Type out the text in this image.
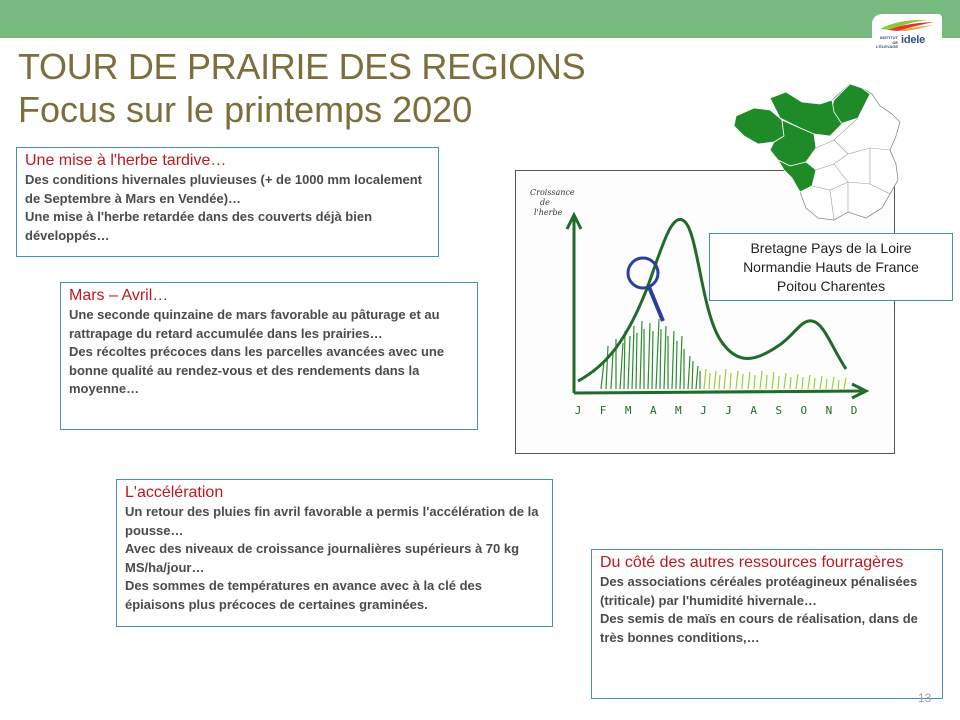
INSTITUT DE L'ÉLEVAGE
idele
TOUR DE PRAIRIE DES REGIONS
Focus sur le printemps 2020
Une mise à l'herbe tardive…

Des conditions hivernales pluvieuses (+ de 1000 mm localement de Septembre à Mars en Vendée)…

Une mise à l'herbe retardée dans des couverts déjà bien développés…

Mars – Avril…

Une seconde quinzaine de mars favorable au pâturage et au rattrapage du retard accumulée dans les prairies…

Des récoltes précoces dans les parcelles avancées avec une bonne qualité au rendez-vous et des rendements dans la moyenne…

L'accélération

Un retour des pluies fin avril favorable a permis l'accélération de la pousse…

Avec des niveaux de croissance journalières supérieurs à 70 kg MS/ha/jour…

Des sommes de températures en avance avec à la clé des épiaisons plus précoces de certaines graminées.

Du côté des autres ressources fourragères

Des associations céréales protéagineux pénalisées (triticale) par l'humidité hivernale…

Des semis de maïs en cours de réalisation, dans de très bonnes conditions,…

Croissance
de
l'herbe
J F M A M J J A S O N D
Bretagne Pays de la Loire
Normandie Hauts de France
Poitou Charentes
13
